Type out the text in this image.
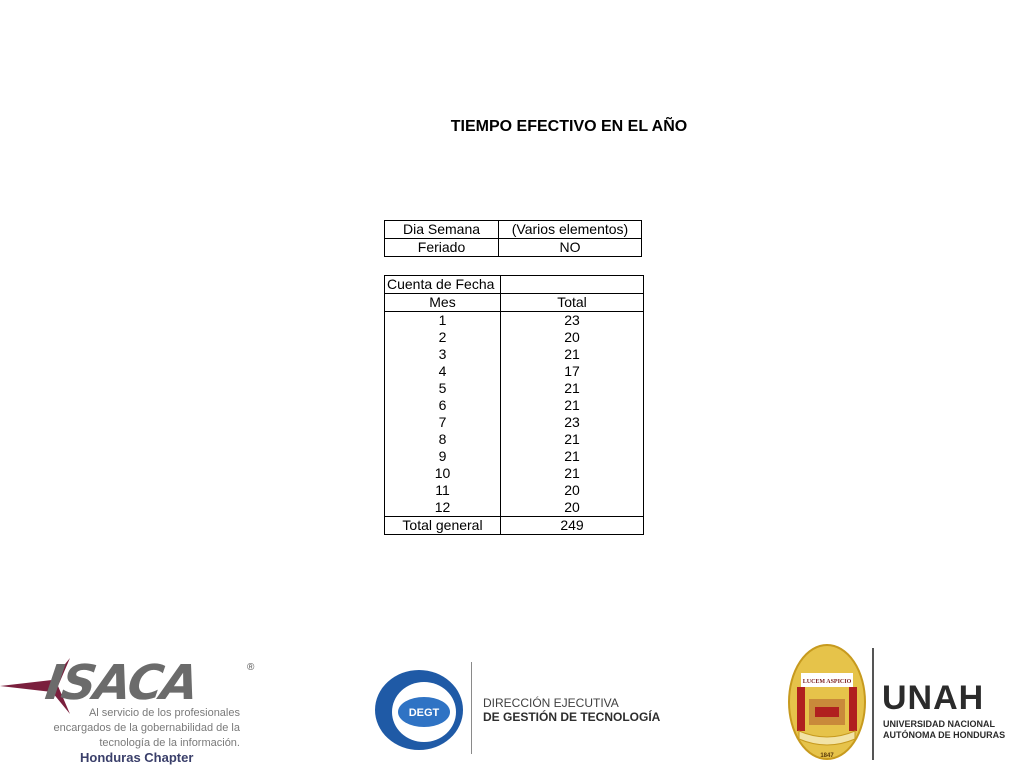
TIEMPO EFECTIVO EN EL AÑO
Dia Semana	(Varios elementos)
Feriado	NO
Cuenta de Fecha	
Mes	Total
1	23
2	20
3	21
4	17
5	21
6	21
7	23
8	21
9	21
10	21
11	20
12	20
Total general	249
ISACA	®
Al servicio de los profesionales
encargados de la gobernabilidad de la
tecnología de la información.
Honduras Chapter
DEGT
DIRECCIÓN EJECUTIVA
DE GESTIÓN DE TECNOLOGÍA
LUCEM ASPICIO
1847
UNAH
UNIVERSIDAD NACIONAL
AUTÓNOMA DE HONDURAS
